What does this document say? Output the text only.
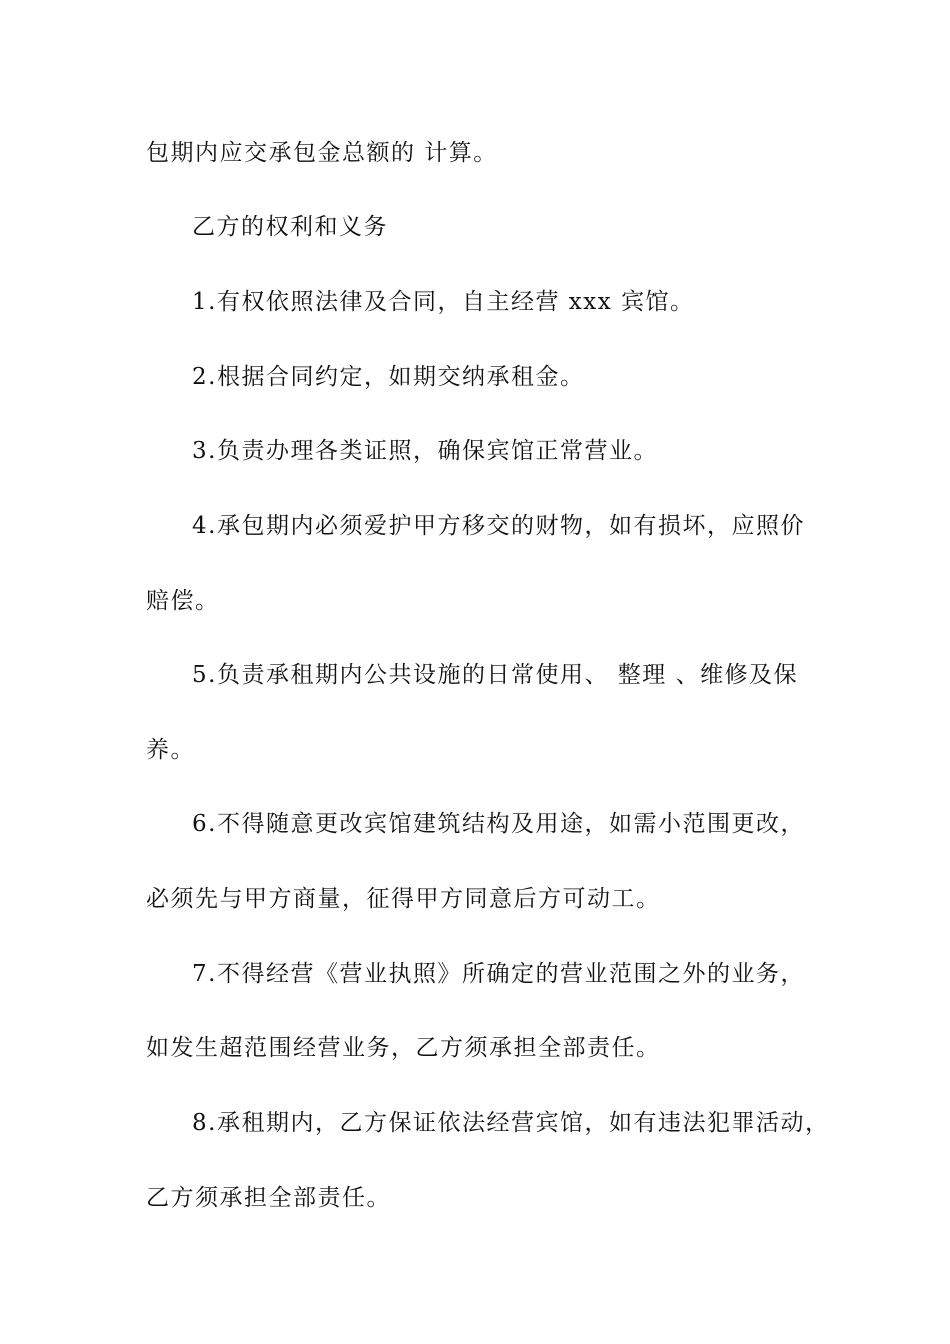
包期内应交承包金总额的 计算。
乙方的权利和义务
1.有权依照法律及合同，自主经营 xxx 宾馆。
2.根据合同约定，如期交纳承租金。
3.负责办理各类证照，确保宾馆正常营业。
4.承包期内必须爱护甲方移交的财物，如有损坏，应照价
赔偿。
5.负责承租期内公共设施的日常使用、 整理 、维修及保
养。
6.不得随意更改宾馆建筑结构及用途，如需小范围更改，
必须先与甲方商量，征得甲方同意后方可动工。
7.不得经营《营业执照》所确定的营业范围之外的业务，
如发生超范围经营业务，乙方须承担全部责任。
8.承租期内，乙方保证依法经营宾馆，如有违法犯罪活动，
乙方须承担全部责任。
